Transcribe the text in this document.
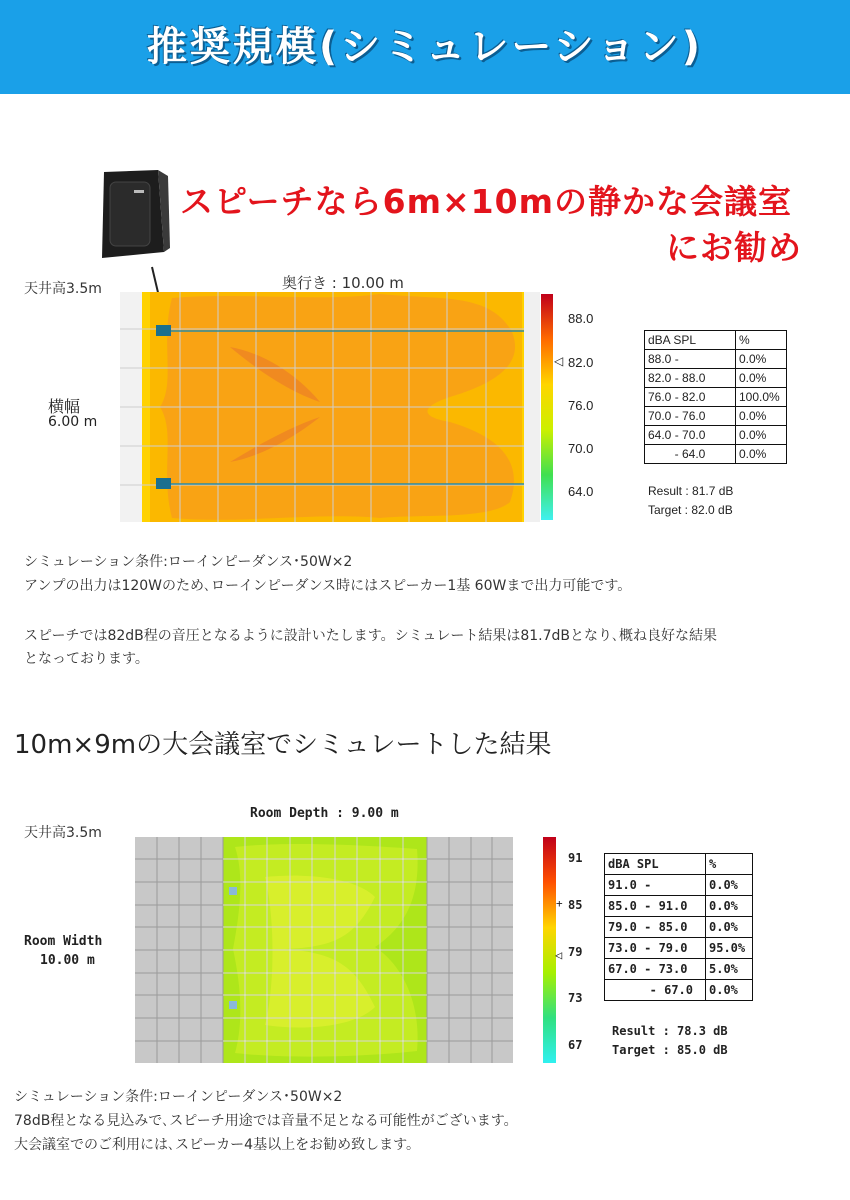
推奨規模(シミュレーション)
スピーチなら6m×10mの静かな会議室
にお勧め
天井高3.5m	奥行き : 10.00 m
横幅
6.00 m
◁
88.0
82.0
76.0
70.0
64.0
dBA SPL	%
88.0 -	0.0%
82.0 - 88.0	0.0%
76.0 - 82.0	100.0%
70.0 - 76.0	0.0%
64.0 - 70.0	0.0%
- 64.0	0.0%
Result : 81.7 dB
Target : 82.0 dB
シミュレーション条件:ローインピーダンス･50W×2
アンプの出力は120Wのため､ローインピーダンス時にはスピーカー1基 60Wまで出力可能です。
スピーチでは82dB程の音圧となるように設計いたします。シミュレート結果は81.7dBとなり､概ね良好な結果
となっております。
10m×9mの大会議室でシミュレートした結果
天井高3.5m
Room Depth : 9.00 m
Room Width
10.00 m
+
◁
91
85
79
73
67
dBA SPL	%
91.0 -	0.0%
85.0 - 91.0	0.0%
79.0 - 85.0	0.0%
73.0 - 79.0	95.0%
67.0 - 73.0	5.0%
- 67.0	0.0%
Result : 78.3 dB
Target : 85.0 dB
シミュレーション条件:ローインピーダンス･50W×2
78dB程となる見込みで､スピーチ用途では音量不足となる可能性がございます。
大会議室でのご利用には､スピーカー4基以上をお勧め致します。
